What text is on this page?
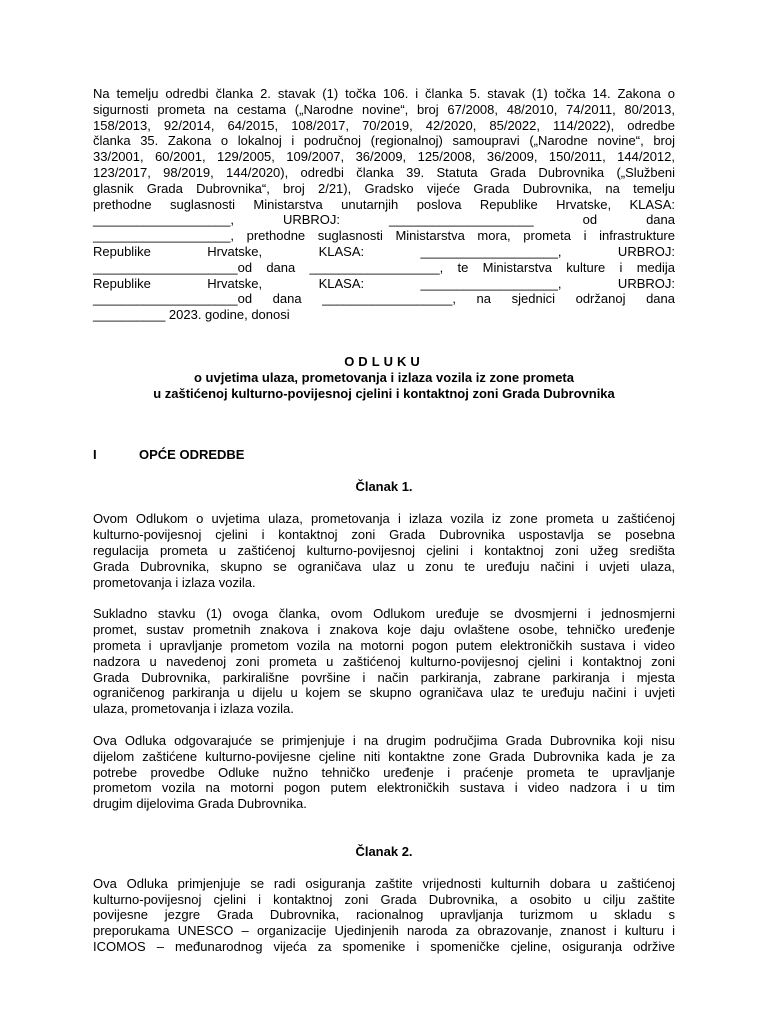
Na temelju odredbi članka 2. stavak (1) točka 106. i članka 5. stavak (1) točka 14. Zakona o
sigurnosti prometa na cestama („Narodne novine“, broj 67/2008, 48/2010, 74/2011, 80/2013,
158/2013, 92/2014, 64/2015, 108/2017, 70/2019, 42/2020, 85/2022, 114/2022), odredbe
članka 35. Zakona o lokalnoj i područnoj (regionalnoj) samoupravi („Narodne novine“, broj
33/2001, 60/2001, 129/2005, 109/2007, 36/2009, 125/2008, 36/2009, 150/2011, 144/2012,
123/2017, 98/2019, 144/2020), odredbi članka 39. Statuta Grada Dubrovnika („Službeni
glasnik Grada Dubrovnika“, broj 2/21), Gradsko vijeće Grada Dubrovnika, na temelju
prethodne suglasnosti Ministarstva unutarnjih poslova Republike Hrvatske, KLASA:
___________________, URBROJ: ____________________ od dana
___________________, prethodne suglasnosti Ministarstva mora, prometa i infrastrukture
Republike Hrvatske, KLASA: ___________________, URBROJ:
____________________od dana __________________, te Ministarstva kulture i medija
Republike Hrvatske, KLASA: ___________________, URBROJ:
____________________od dana __________________, na sjednici održanoj dana
__________ 2023. godine, donosi
ODLUKU
o uvjetima ulaza, prometovanja i izlaza vozila iz zone prometa
u zaštićenoj kulturno-povijesnoj cjelini i kontaktnoj zoni Grada Dubrovnika
I	OPĆE ODREDBE
Članak 1.
Ovom Odlukom o uvjetima ulaza, prometovanja i izlaza vozila iz zone prometa u zaštićenoj
kulturno-povijesnoj cjelini i kontaktnoj zoni Grada Dubrovnika uspostavlja se posebna
regulacija prometa u zaštićenoj kulturno-povijesnoj cjelini i kontaktnoj zoni užeg središta
Grada Dubrovnika, skupno se ograničava ulaz u zonu te uređuju načini i uvjeti ulaza,
prometovanja i izlaza vozila.
Sukladno stavku (1) ovoga članka, ovom Odlukom uređuje se dvosmjerni i jednosmjerni
promet, sustav prometnih znakova i znakova koje daju ovlaštene osobe, tehničko uređenje
prometa i upravljanje prometom vozila na motorni pogon putem elektroničkih sustava i video
nadzora u navedenoj zoni prometa u zaštićenoj kulturno-povijesnoj cjelini i kontaktnoj zoni
Grada Dubrovnika, parkirališne površine i način parkiranja, zabrane parkiranja i mjesta
ograničenog parkiranja u dijelu u kojem se skupno ograničava ulaz te uređuju načini i uvjeti
ulaza, prometovanja i izlaza vozila.
Ova Odluka odgovarajuće se primjenjuje i na drugim područjima Grada Dubrovnika koji nisu
dijelom zaštićene kulturno-povijesne cjeline niti kontaktne zone Grada Dubrovnika kada je za
potrebe provedbe Odluke nužno tehničko uređenje i praćenje prometa te upravljanje
prometom vozila na motorni pogon putem elektroničkih sustava i video nadzora i u tim
drugim dijelovima Grada Dubrovnika.
Članak 2.
Ova Odluka primjenjuje se radi osiguranja zaštite vrijednosti kulturnih dobara u zaštićenoj
kulturno-povijesnoj cjelini i kontaktnoj zoni Grada Dubrovnika, a osobito u cilju zaštite
povijesne jezgre Grada Dubrovnika, racionalnog upravljanja turizmom u skladu s
preporukama UNESCO – organizacije Ujedinjenih naroda za obrazovanje, znanost i kulturu i
ICOMOS – međunarodnog vijeća za spomenike i spomeničke cjeline, osiguranja održive
